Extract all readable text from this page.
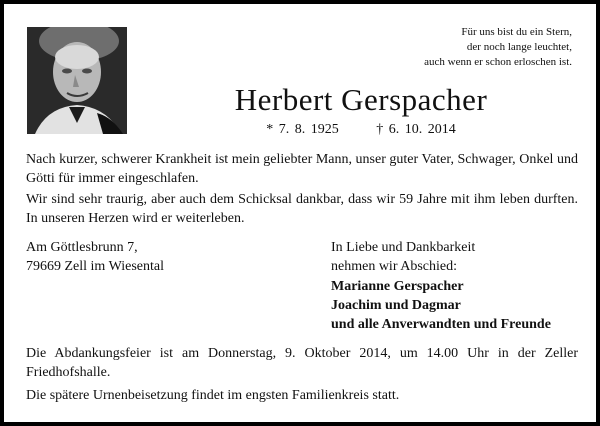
Für uns bist du ein Stern,
der noch lange leuchtet,
auch wenn er schon erloschen ist.
Herbert Gerspacher
* 7. 8. 1925	† 6. 10. 2014
Nach kurzer, schwerer Krankheit ist mein geliebter Mann, unser guter Vater, Schwager, Onkel und Götti für immer eingeschlafen.
Wir sind sehr traurig, aber auch dem Schicksal dankbar, dass wir 59 Jahre mit ihm leben durften. In unseren Herzen wird er weiterleben.
Am Göttlesbrunn 7,
79669 Zell im Wiesental
In Liebe und Dankbarkeit
nehmen wir Abschied:
Marianne Gerspacher
Joachim und Dagmar
und alle Anverwandten und Freunde
Die Abdankungsfeier ist am Donnerstag, 9. Oktober 2014, um 14.00 Uhr in der Zeller Friedhofshalle.
Die spätere Urnenbeisetzung findet im engsten Familienkreis statt.
